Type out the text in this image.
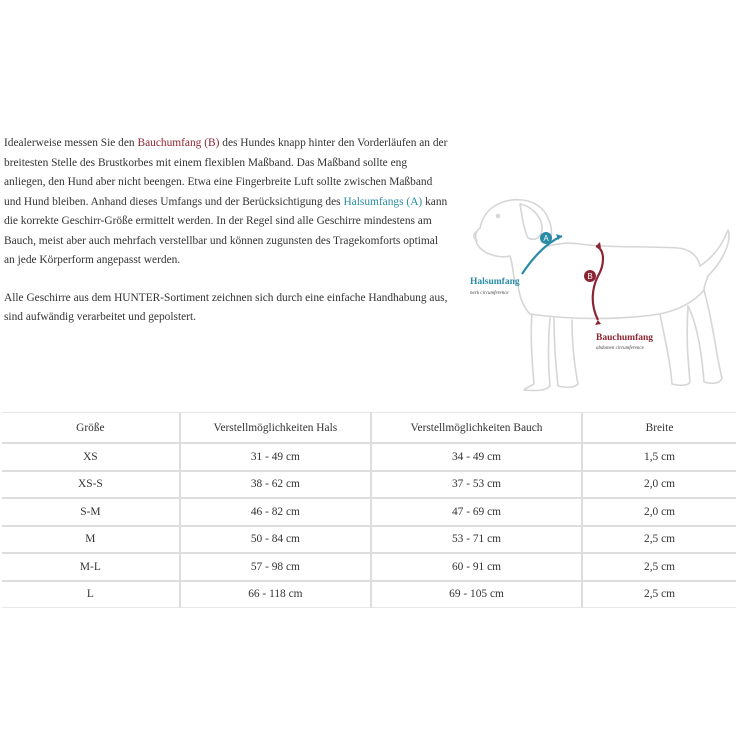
Idealerweise messen Sie den Bauchumfang (B) des Hundes knapp hinter den Vorderläufen an der breitesten Stelle des Brustkorbes mit einem flexiblen Maßband. Das Maßband sollte eng anliegen, den Hund aber nicht beengen. Etwa eine Fingerbreite Luft sollte zwischen Maßband und Hund bleiben. Anhand dieses Umfangs und der Berücksichtigung des Halsumfangs (A) kann die korrekte Geschirr-Größe ermittelt werden. In der Regel sind alle Geschirre mindestens am Bauch, meist aber auch mehrfach verstellbar und können zugunsten des Tragekomforts optimal an jede Körperform angepasst werden.

Alle Geschirre aus dem HUNTER-Sortiment zeichnen sich durch eine einfache Handhabung aus, sind aufwändig verarbeitet und gepolstert.

A
Halsumfang
neck circumference
B
Bauchumfang
abdomen circumference
Größe	Verstellmöglichkeiten Hals	Verstellmöglichkeiten Bauch	Breite
XS	31 - 49 cm	34 - 49 cm	1,5 cm
XS-S	38 - 62 cm	37 - 53 cm	2,0 cm
S-M	46 - 82 cm	47 - 69 cm	2,0 cm
M	50 - 84 cm	53 - 71 cm	2,5 cm
M-L	57 - 98 cm	60 - 91 cm	2,5 cm
L	66 - 118 cm	69 - 105 cm	2,5 cm
